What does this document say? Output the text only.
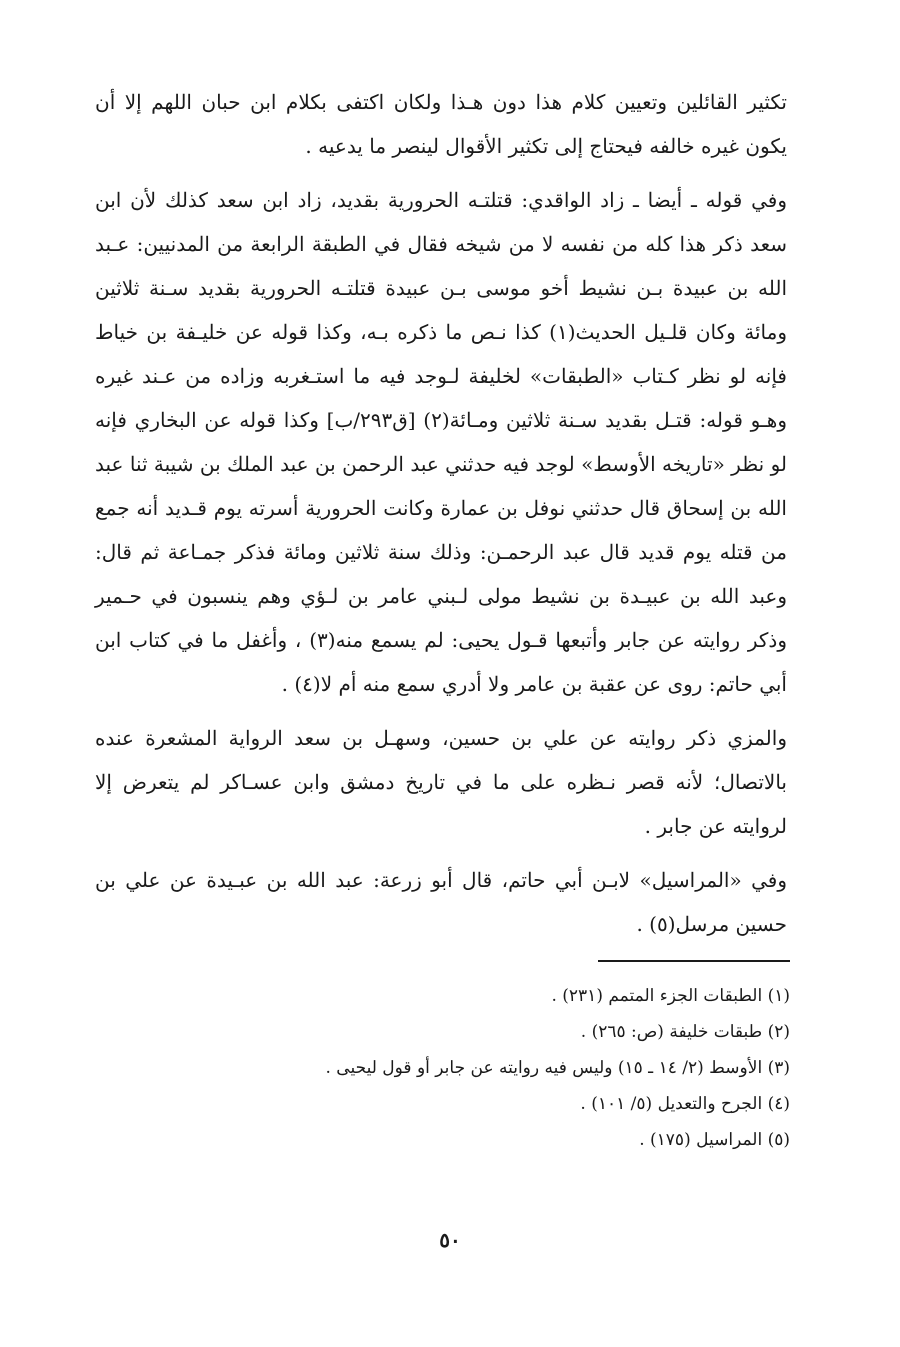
تكثير القائلين وتعيين كلام هذا دون هـذا ولكان اكتفى بكلام ابن حبان اللهم إلا أن يكون غيره خالفه فيحتاج إلى تكثير الأقوال لينصر ما يدعيه .

وفي قوله ـ أيضا ـ زاد الواقدي: قتلتـه الحرورية بقديد، زاد ابن سعد كذلك لأن ابن سعد ذكر هذا كله من نفسه لا من شيخه فقال في الطبقة الرابعة من المدنيين: عـبد الله بن عبيدة بـن نشيط أخو موسى بـن عبيدة قتلتـه الحرورية بقديد سـنة ثلاثين ومائة وكان قلـيل الحديث(١) كذا نـص ما ذكره بـه، وكذا قوله عن خليـفة بن خياط فإنه لو نظر كـتاب «الطبقات» لخليفة لـوجد فيه ما استـغربه وزاده من عـند غيره وهـو قوله: قتـل بقديد سـنة ثلاثين ومـائة(٢) [ق٢٩٣/ب] وكذا قوله عن البخاري فإنه لو نظر «تاريخه الأوسط» لوجد فيه حدثني عبد الرحمن بن عبد الملك بن شيبة ثنا عبد الله بن إسحاق قال حدثني نوفل بن عمارة وكانت الحرورية أسرته يوم قـديد أنه جمع من قتله يوم قديد قال عبد الرحمـن: وذلك سنة ثلاثين ومائة فذكر جمـاعة ثم قال: وعبد الله بن عبيـدة بن نشيط مولى لـبني عامر بن لـؤي وهم ينسبون في حـمير وذكر روايته عن جابر وأتبعها قـول يحيى: لم يسمع منه(٣) ، وأغفل ما في كتاب ابن أبي حاتم: روى عن عقبة بن عامر ولا أدري سمع منه أم لا(٤) .

والمزي ذكر روايته عن علي بن حسين، وسهـل بن سعد الرواية المشعرة عنده بالاتصال؛ لأنه قصر نـظره على ما في تاريخ دمشق وابن عسـاكر لم يتعرض إلا لروايته عن جابر .

وفي «المراسيل» لابـن أبي حاتم، قال أبو زرعة: عبد الله بن عبـيدة عن علي بن حسين مرسل(٥) .

(١) الطبقات الجزء المتمم (٢٣١) .
(٢) طبقات خليفة (ص: ٢٦٥) .
(٣) الأوسط (٢/ ١٤ ـ ١٥) وليس فيه روايته عن جابر أو قول ليحيى .
(٤) الجرح والتعديل (٥/ ١٠١) .
(٥) المراسيل (١٧٥) .
٥٠
